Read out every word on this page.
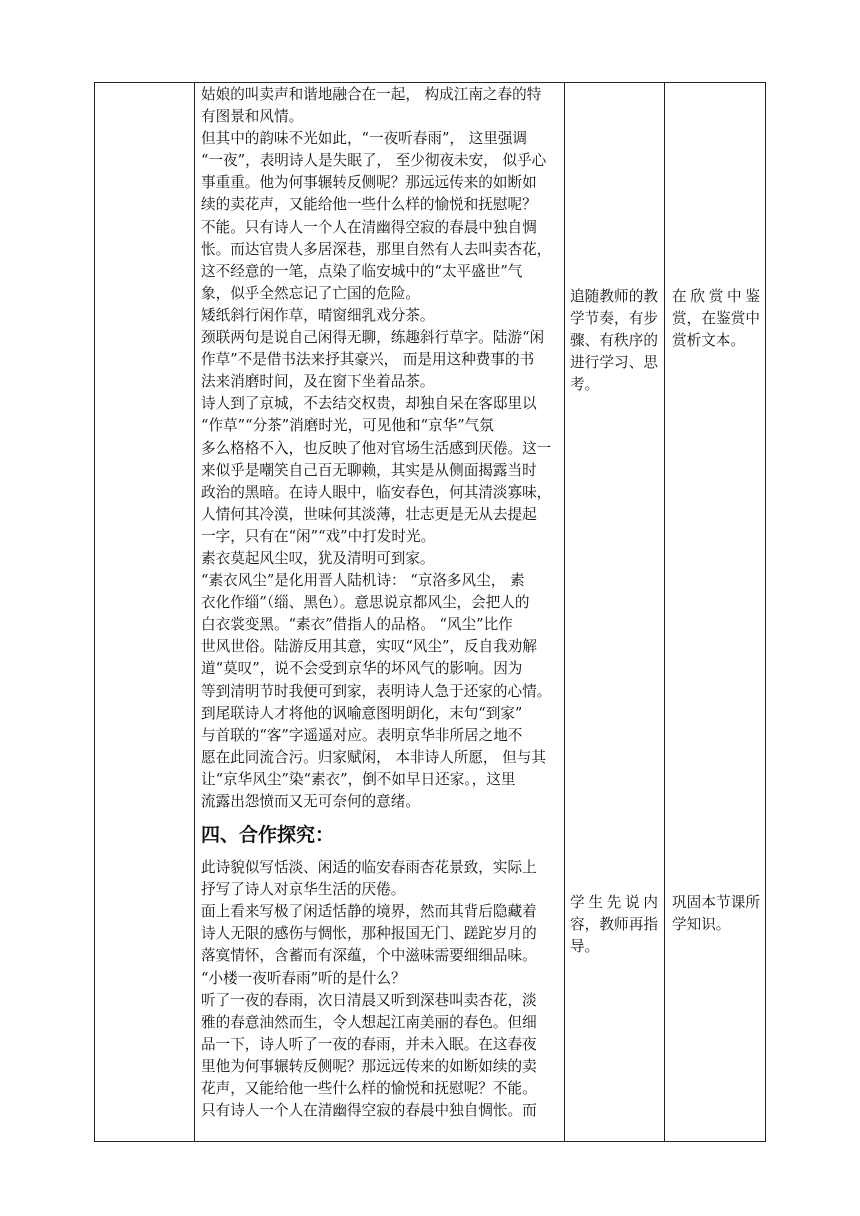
追随教师的教学节奏，有步骤、有秩序的进行学习、思考。

学生先说内容，教师再指导。

在欣赏中鉴赏，在鉴赏中赏析文本。

巩固本节课所学知识。

姑娘的叫卖声和谐地融合在一起， 构成江南之春的特

有图景和风情。

但其中的韵味不光如此，“一夜听春雨”， 这里强调

“一夜”，表明诗人是失眠了， 至少彻夜未安， 似乎心

事重重。他为何事辗转反侧呢？那远远传来的如断如

续的卖花声，又能给他一些什么样的愉悦和抚慰呢？

不能。只有诗人一个人在清幽得空寂的春晨中独自惆

怅。而达官贵人多居深巷，那里自然有人去叫卖杏花，

这不经意的一笔，点染了临安城中的“太平盛世”气

象，似乎全然忘记了亡国的危险。

矮纸斜行闲作草，晴窗细乳戏分茶。

颈联两句是说自己闲得无聊，练趣斜行草字。陆游“闲

作草”不是借书法来抒其豪兴， 而是用这种费事的书

法来消磨时间，及在窗下坐着品茶。

诗人到了京城，不去结交权贵，却独自呆在客邸里以

“作草”“分茶”消磨时光，可见他和“京华”气氛

多么格格不入，也反映了他对官场生活感到厌倦。这一

来似乎是嘲笑自己百无聊赖，其实是从侧面揭露当时

政治的黑暗。在诗人眼中，临安春色，何其清淡寡味，

人情何其冷漠，世味何其淡薄，壮志更是无从去提起

一字，只有在“闲”“戏”中打发时光。

素衣莫起风尘叹，犹及清明可到家。

“素衣风尘”是化用晋人陆机诗： “京洛多风尘， 素

衣化作缁”（缁、黑色）。意思说京都风尘，会把人的

白衣裳变黑。“素衣”借指人的品格。 “风尘”比作

世风世俗。陆游反用其意，实叹“风尘”，反自我劝解

道“莫叹”，说不会受到京华的坏风气的影响。因为

等到清明节时我便可到家，表明诗人急于还家的心情。

到尾联诗人才将他的讽喻意图明朗化，末句“到家”

与首联的“客”字遥遥对应。表明京华非所居之地不

愿在此同流合污。归家赋闲， 本非诗人所愿， 但与其

让“京华风尘”染“素衣”，倒不如早日还家。，这里

流露出怨愤而又无可奈何的意绪。

四、合作探究：

此诗貌似写恬淡、闲适的临安春雨杏花景致，实际上

抒写了诗人对京华生活的厌倦。

面上看来写极了闲适恬静的境界，然而其背后隐藏着

诗人无限的感伤与惆怅，那种报国无门、蹉跎岁月的

落寞情怀，含蓄而有深蕴，个中滋味需要细细品味。

“小楼一夜听春雨”听的是什么？

听了一夜的春雨，次日清晨又听到深巷叫卖杏花，淡

雅的春意油然而生，令人想起江南美丽的春色。但细

品一下，诗人听了一夜的春雨，并未入眠。在这春夜

里他为何事辗转反侧呢？那远远传来的如断如续的卖

花声，又能给他一些什么样的愉悦和抚慰呢？不能。

只有诗人一个人在清幽得空寂的春晨中独自惆怅。而
